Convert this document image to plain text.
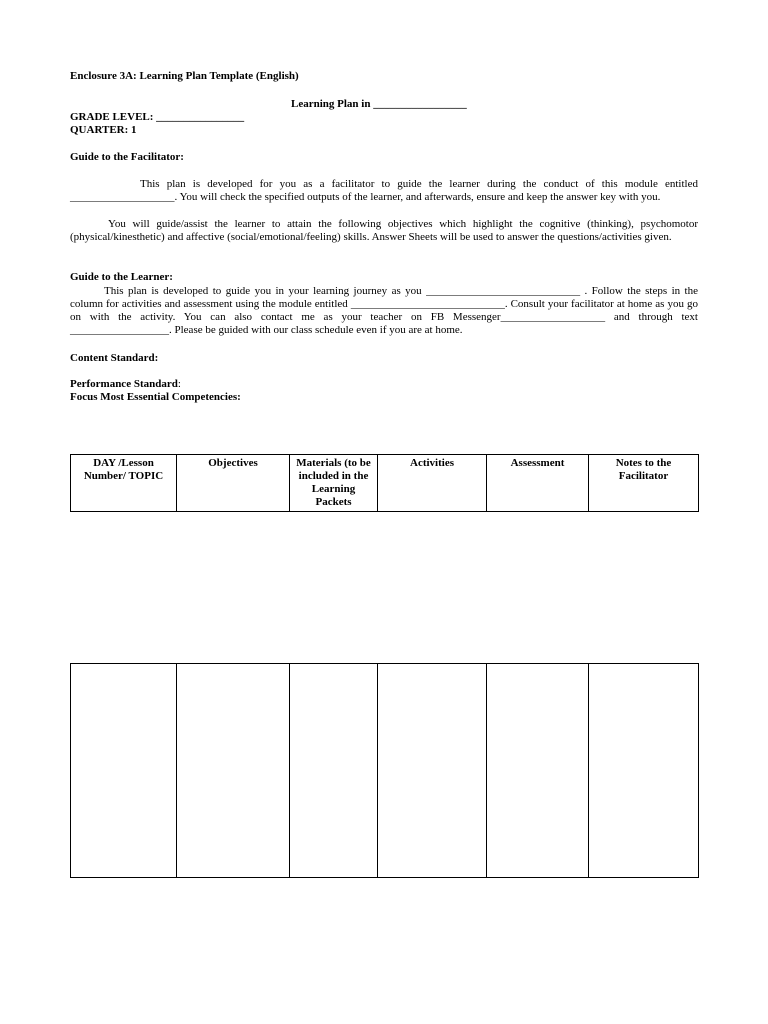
Enclosure 3A: Learning Plan Template (English)
Learning Plan in _________________
GRADE LEVEL: ________________
QUARTER: 1
Guide to the Facilitator:
This plan is developed for you as a facilitator to guide the learner during the conduct of this module entitled ___________________. You will check the specified outputs of the learner, and afterwards, ensure and keep the answer key with you.
You will guide/assist the learner to attain the following objectives which highlight the cognitive (thinking), psychomotor (physical/kinesthetic) and affective (social/emotional/feeling) skills. Answer Sheets will be used to answer the questions/activities given.
Guide to the Learner:
This plan is developed to guide you in your learning journey as you ____________________________ . Follow the steps in the column for activities and assessment using the module entitled ____________________________. Consult your facilitator at home as you go on with the activity. You can also contact me as your teacher on FB Messenger___________________ and through text __________________. Please be guided with our class schedule even if you are at home.
Content Standard:
Performance Standard:
Focus Most Essential Competencies:
DAY /Lesson Number/ TOPIC	Objectives	Materials (to be included in the Learning Packets	Activities	Assessment	Notes to the Facilitator
